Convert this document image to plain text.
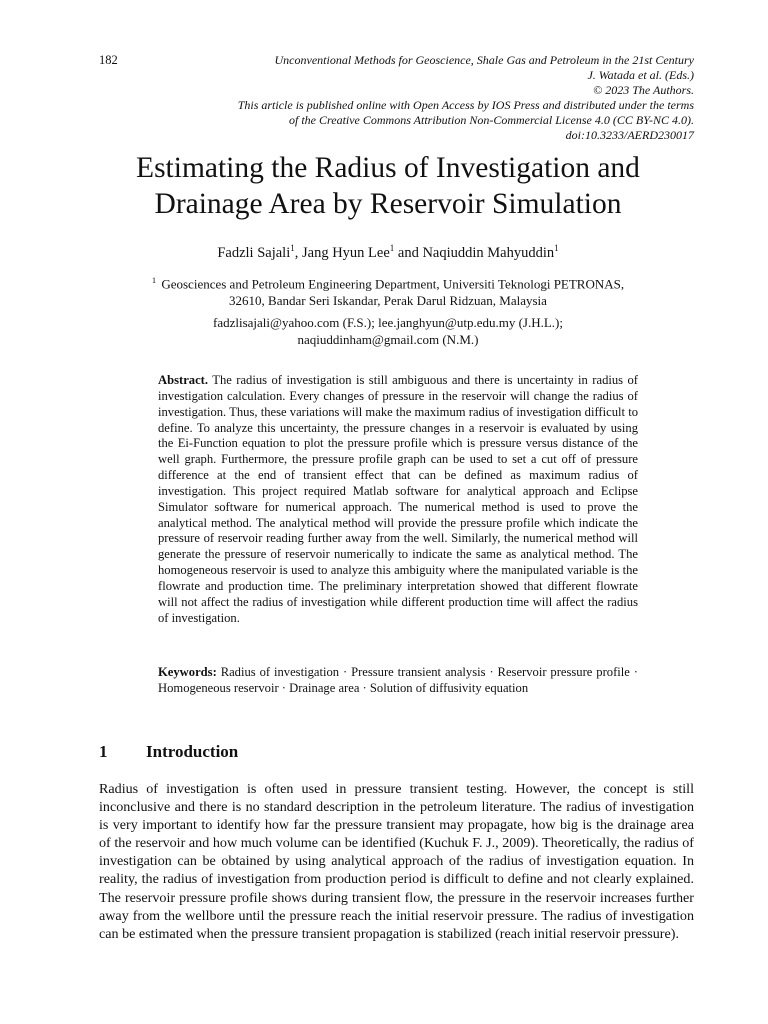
182	Unconventional Methods for Geoscience, Shale Gas and Petroleum in the 21st Century
J. Watada et al. (Eds.)
© 2023 The Authors.
This article is published online with Open Access by IOS Press and distributed under the terms
of the Creative Commons Attribution Non-Commercial License 4.0 (CC BY-NC 4.0).
doi:10.3233/AERD230017
Estimating the Radius of Investigation and
Drainage Area by Reservoir Simulation
Fadzli Sajali$^1$, Jang Hyun Lee$^1$ and Naqiuddin Mahyuddin$^1$
$^1$ Geosciences and Petroleum Engineering Department, Universiti Teknologi PETRONAS,
32610, Bandar Seri Iskandar, Perak Darul Ridzuan, Malaysia
fadzlisajali@yahoo.com (F.S.); lee.janghyun@utp.edu.my (J.H.L.);
naqiuddinham@gmail.com (N.M.)
Abstract. The radius of investigation is still ambiguous and there is uncertainty in radius of investigation calculation. Every changes of pressure in the reservoir will change the radius of investigation. Thus, these variations will make the maximum radius of investigation difficult to define. To analyze this uncertainty, the pressure changes in a reservoir is evaluated by using the Ei-Function equation to plot the pressure profile which is pressure versus distance of the well graph. Furthermore, the pressure profile graph can be used to set a cut off of pressure difference at the end of transient effect that can be defined as maximum radius of investigation. This project required Matlab software for analytical approach and Eclipse Simulator software for numerical approach. The numerical method is used to prove the analytical method. The analytical method will provide the pressure profile which indicate the pressure of reservoir reading further away from the well. Similarly, the numerical method will generate the pressure of reservoir numerically to indicate the same as analytical method. The homogeneous reservoir is used to analyze this ambiguity where the manipulated variable is the flowrate and production time. The preliminary interpretation showed that different flowrate will not affect the radius of investigation while different production time will affect the radius of investigation.
Keywords: Radius of investigation · Pressure transient analysis · Reservoir pressure profile · Homogeneous reservoir · Drainage area · Solution of diffusivity equation
1 Introduction
Radius of investigation is often used in pressure transient testing. However, the concept is still inconclusive and there is no standard description in the petroleum literature. The radius of investigation is very important to identify how far the pressure transient may propagate, how big is the drainage area of the reservoir and how much volume can be identified (Kuchuk F. J., 2009). Theoretically, the radius of investigation can be obtained by using analytical approach of the radius of investigation equation. In reality, the radius of investigation from production period is difficult to define and not clearly explained. The reservoir pressure profile shows during transient flow, the pressure in the reservoir increases further away from the wellbore until the pressure reach the initial reservoir pressure. The radius of investigation can be estimated when the pressure transient propagation is stabilized (reach initial reservoir pressure).
